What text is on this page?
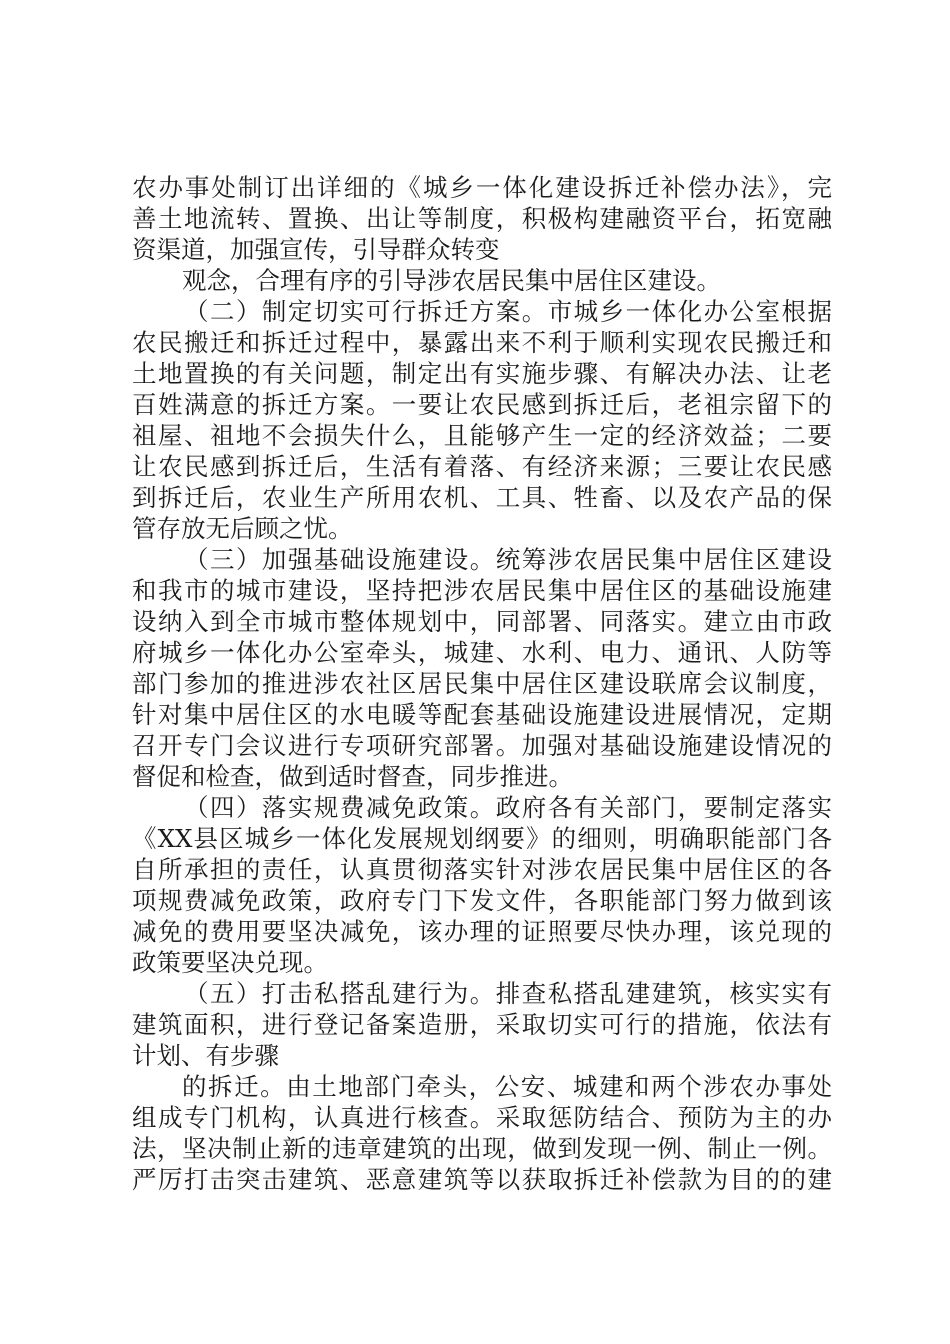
农办事处制订出详细的《城乡一体化建设拆迁补偿办法》，完
善土地流转、置换、出让等制度，积极构建融资平台，拓宽融
资渠道，加强宣传，引导群众转变
观念，合理有序的引导涉农居民集中居住区建设。
（二）制定切实可行拆迁方案。市城乡一体化办公室根据
农民搬迁和拆迁过程中，暴露出来不利于顺利实现农民搬迁和
土地置换的有关问题，制定出有实施步骤、有解决办法、让老
百姓满意的拆迁方案。一要让农民感到拆迁后，老祖宗留下的
祖屋、祖地不会损失什么，且能够产生一定的经济效益；二要
让农民感到拆迁后，生活有着落、有经济来源；三要让农民感
到拆迁后，农业生产所用农机、工具、牲畜、以及农产品的保
管存放无后顾之忧。
（三）加强基础设施建设。统筹涉农居民集中居住区建设
和我市的城市建设，坚持把涉农居民集中居住区的基础设施建
设纳入到全市城市整体规划中，同部署、同落实。建立由市政
府城乡一体化办公室牵头，城建、水利、电力、通讯、人防等
部门参加的推进涉农社区居民集中居住区建设联席会议制度，
针对集中居住区的水电暖等配套基础设施建设进展情况，定期
召开专门会议进行专项研究部署。加强对基础设施建设情况的
督促和检查，做到适时督查，同步推进。
（四）落实规费减免政策。政府各有关部门，要制定落实
《XX县区城乡一体化发展规划纲要》的细则，明确职能部门各
自所承担的责任，认真贯彻落实针对涉农居民集中居住区的各
项规费减免政策，政府专门下发文件，各职能部门努力做到该
减免的费用要坚决减免，该办理的证照要尽快办理，该兑现的
政策要坚决兑现。
（五）打击私搭乱建行为。排查私搭乱建建筑，核实实有
建筑面积，进行登记备案造册，采取切实可行的措施，依法有
计划、有步骤
的拆迁。由土地部门牵头，公安、城建和两个涉农办事处
组成专门机构，认真进行核查。采取惩防结合、预防为主的办
法，坚决制止新的违章建筑的出现，做到发现一例、制止一例。
严厉打击突击建筑、恶意建筑等以获取拆迁补偿款为目的的建
